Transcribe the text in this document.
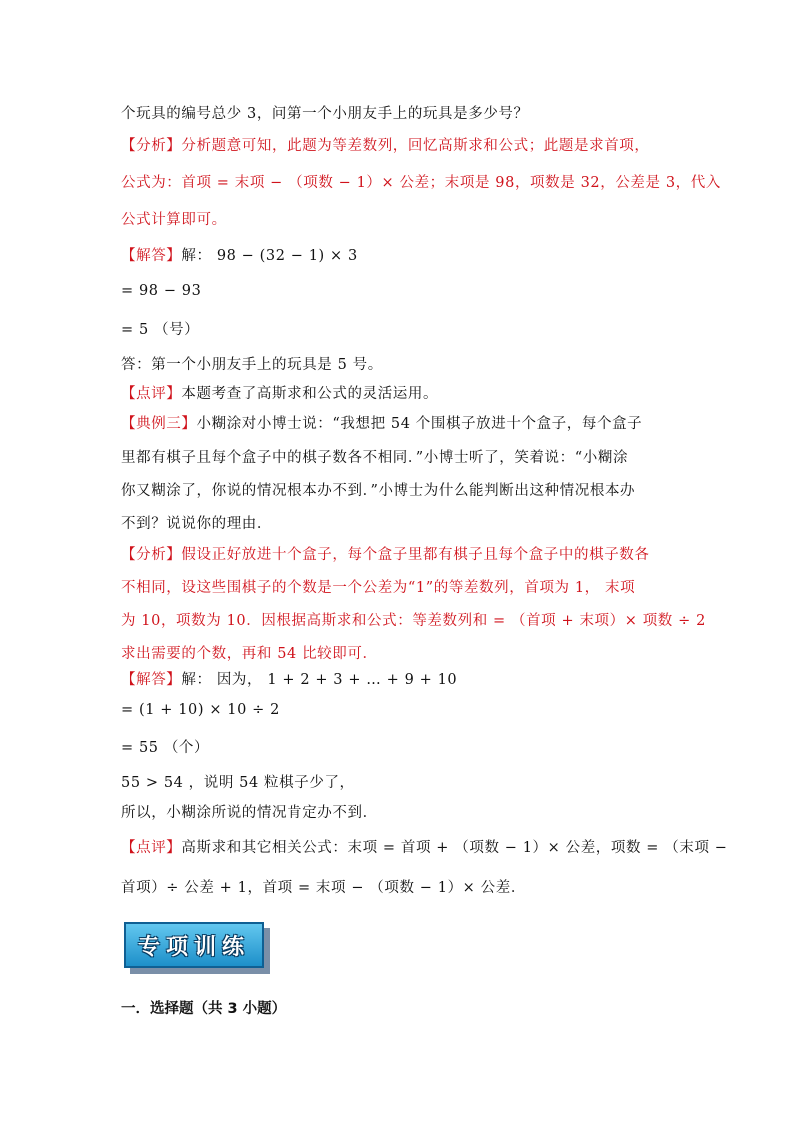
个玩具的编号总少 3，问第一个小朋友手上的玩具是多少号？
【分析】分析题意可知，此题为等差数列，回忆高斯求和公式；此题是求首项，
公式为：首项 = 末项 − （项数 − 1）× 公差；末项是 98，项数是 32，公差是 3，代入
公式计算即可。
【解答】解： 98 − (32 − 1) × 3
= 98 − 93
= 5 （号）
答：第一个小朋友手上的玩具是 5 号。
【点评】本题考查了高斯求和公式的灵活运用。
【典例三】小糊涂对小博士说：“我想把 54 个围棋子放进十个盒子，每个盒子
里都有棋子且每个盒子中的棋子数各不相同．”小博士听了，笑着说：“小糊涂
你又糊涂了，你说的情况根本办不到．”小博士为什么能判断出这种情况根本办
不到？说说你的理由．
【分析】假设正好放进十个盒子，每个盒子里都有棋子且每个盒子中的棋子数各
不相同，设这些围棋子的个数是一个公差为“1”的等差数列，首项为 1， 末项
为 10，项数为 10．因根据高斯求和公式：等差数列和 = （首项 + 末项）× 项数 ÷ 2
求出需要的个数，再和 54 比较即可．
【解答】解： 因为， 1 + 2 + 3 + … + 9 + 10
= (1 + 10) × 10 ÷ 2
= 55 （个）
55 > 54 ，说明 54 粒棋子少了，
所以，小糊涂所说的情况肯定办不到．
【点评】高斯求和其它相关公式：末项 = 首项 + （项数 − 1）× 公差，项数 = （末项 −
首项）÷ 公差 + 1，首项 = 末项 − （项数 − 1）× 公差．
专项训练
一．选择题（共 3 小题）
